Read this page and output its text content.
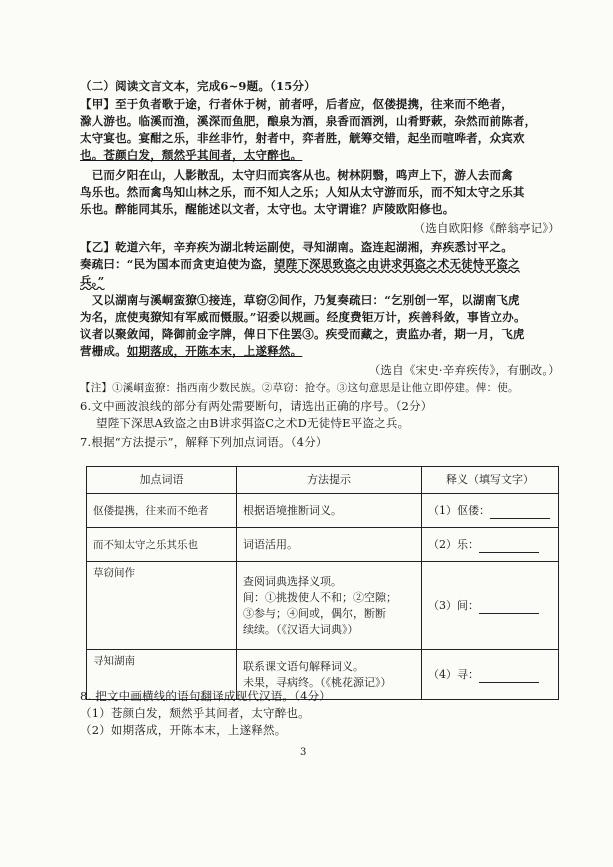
（二）阅读文言文本，完成6~9题。（15分）
【甲】至于负者歌于途，行者休于树，前者呼，后者应，伛偻提携，往来而不绝者，
滁人游也。临溪而渔，溪深而鱼肥，酿泉为酒，泉香而酒洌，山肴野蔌，杂然而前陈者，
太守宴也。宴酣之乐，非丝非竹，射者中，弈者胜，觥筹交错，起坐而喧哗者，众宾欢
也。苍颜白发，颓然乎其间者，太守醉也。
　已而夕阳在山，人影散乱，太守归而宾客从也。树林阴翳，鸣声上下，游人去而禽
鸟乐也。然而禽鸟知山林之乐，而不知人之乐；人知从太守游而乐，而不知太守之乐其
乐也。醉能同其乐，醒能述以文者，太守也。太守谓谁？庐陵欧阳修也。
（选自欧阳修《醉翁亭记》）
【乙】乾道六年，辛弃疾为湖北转运副使，寻知湖南。盗连起湖湘，弃疾悉讨平之。
奏疏曰：“民为国本而贪吏迫使为盗，望陛下深思致盗之由讲求弭盗之术无徒恃平盗之
兵。”
　又以湖南与溪峒蛮獠①接连，草窃②间作，乃复奏疏曰：“乞别创一军，以湖南飞虎
为名，庶使夷獠知有军威而慑服。”诏委以规画。经度费钜万计，疾善科敛，事皆立办。
议者以聚敛闻，降御前金字牌，俾日下住罢③。疾受而藏之，责监办者，期一月，飞虎
营栅成。如期落成，开陈本末，上遂释然。
（选自《宋史·辛弃疾传》，有删改。）
【注】①溪峒蛮獠：指西南少数民族。②草窃：抢夺。③这句意思是让他立即停建。俾：使。
6.文中画波浪线的部分有两处需要断句，请选出正确的序号。（2分）
望陛下深思A致盗之由B讲求弭盗C之术D无徒恃E平盗之兵。
7.根据“方法提示”，解释下列加点词语。（4分）
加点词语	方法提示	释义（填写文字）
伛偻提携，往来而不绝者	根据语境推断词义。	（1）伛偻：
而不知太守之乐其乐也	词语活用。	（2）乐：
草窃间作	查阅词典选择义项。
间：①挑拨使人不和；②空隙；
③参与；④间或，偶尔，断断
续续。（《汉语大词典》）	（3）间：
寻知湖南	联系课文语句解释词义。
未果，寻病终。（《桃花源记》）	（4）寻：
8. 把文中画横线的语句翻译成现代汉语。（4分）
（1）苍颜白发，颓然乎其间者，太守醉也。
（2）如期落成，开陈本末，上遂释然。
3
